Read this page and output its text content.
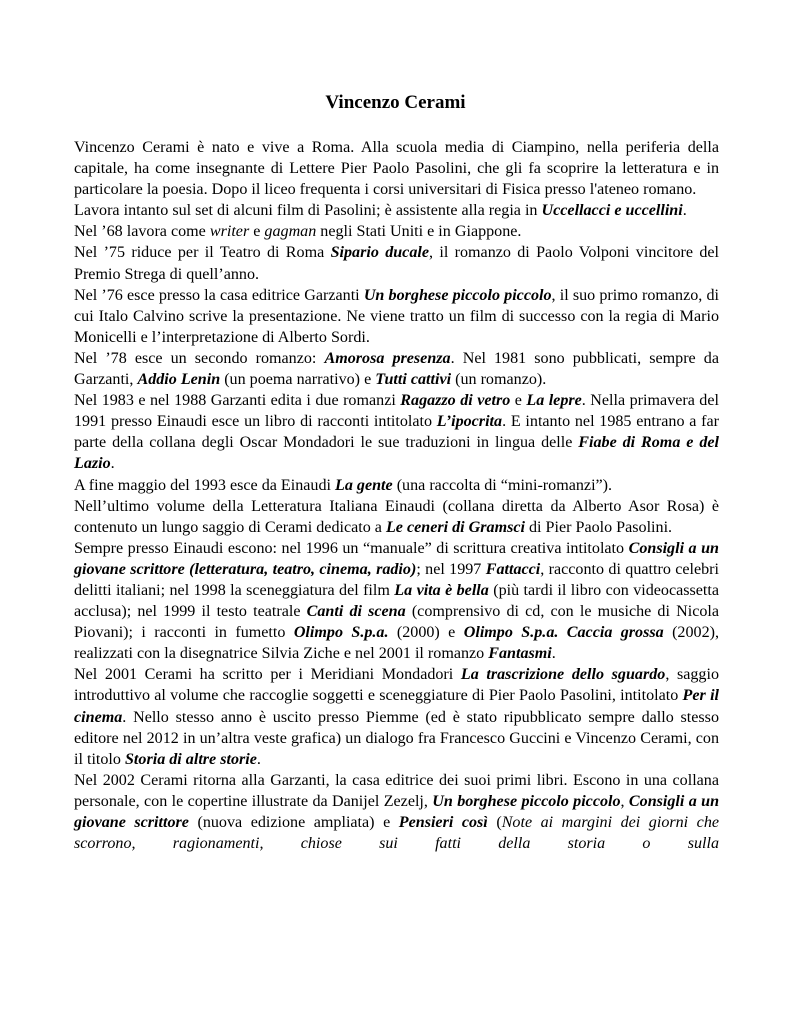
Vincenzo Cerami

Vincenzo Cerami è nato e vive a Roma. Alla scuola media di Ciampino, nella periferia della capitale, ha come insegnante di Lettere Pier Paolo Pasolini, che gli fa scoprire la letteratura e in particolare la poesia. Dopo il liceo frequenta i corsi universitari di Fisica presso l'ateneo romano.

Lavora intanto sul set di alcuni film di Pasolini; è assistente alla regia in Uccellacci e uccellini.

Nel ’68 lavora come writer e gagman negli Stati Uniti e in Giappone.

Nel ’75 riduce per il Teatro di Roma Sipario ducale, il romanzo di Paolo Volponi vincitore del Premio Strega di quell’anno.

Nel ’76 esce presso la casa editrice Garzanti Un borghese piccolo piccolo, il suo primo romanzo, di cui Italo Calvino scrive la presentazione. Ne viene tratto un film di successo con la regia di Mario Monicelli e l’interpretazione di Alberto Sordi.

Nel ’78 esce un secondo romanzo: Amorosa presenza. Nel 1981 sono pubblicati, sempre da Garzanti, Addio Lenin (un poema narrativo) e Tutti cattivi (un romanzo).

Nel 1983 e nel 1988 Garzanti edita i due romanzi Ragazzo di vetro e La lepre. Nella primavera del 1991 presso Einaudi esce un libro di racconti intitolato L’ipocrita. E intanto nel 1985 entrano a far parte della collana degli Oscar Mondadori le sue traduzioni in lingua delle Fiabe di Roma e del Lazio.

A fine maggio del 1993 esce da Einaudi La gente (una raccolta di “mini-romanzi”).

Nell’ultimo volume della Letteratura Italiana Einaudi (collana diretta da Alberto Asor Rosa) è contenuto un lungo saggio di Cerami dedicato a Le ceneri di Gramsci di Pier Paolo Pasolini.

Sempre presso Einaudi escono: nel 1996 un “manuale” di scrittura creativa intitolato Consigli a un giovane scrittore (letteratura, teatro, cinema, radio); nel 1997 Fattacci, racconto di quattro celebri delitti italiani; nel 1998 la sceneggiatura del film La vita è bella (più tardi il libro con videocassetta acclusa); nel 1999 il testo teatrale Canti di scena (comprensivo di cd, con le musiche di Nicola Piovani); i racconti in fumetto Olimpo S.p.a. (2000) e Olimpo S.p.a. Caccia grossa (2002), realizzati con la disegnatrice Silvia Ziche e nel 2001 il romanzo Fantasmi.

Nel 2001 Cerami ha scritto per i Meridiani Mondadori La trascrizione dello sguardo, saggio introduttivo al volume che raccoglie soggetti e sceneggiature di Pier Paolo Pasolini, intitolato Per il cinema. Nello stesso anno è uscito presso Piemme (ed è stato ripubblicato sempre dallo stesso editore nel 2012 in un’altra veste grafica) un dialogo fra Francesco Guccini e Vincenzo Cerami, con il titolo Storia di altre storie.

Nel 2002 Cerami ritorna alla Garzanti, la casa editrice dei suoi primi libri. Escono in una collana personale, con le copertine illustrate da Danijel Zezelj, Un borghese piccolo piccolo, Consigli a un giovane scrittore (nuova edizione ampliata) e Pensieri così (Note ai margini dei giorni che scorrono, ragionamenti, chiose sui fatti della storia o sulla
